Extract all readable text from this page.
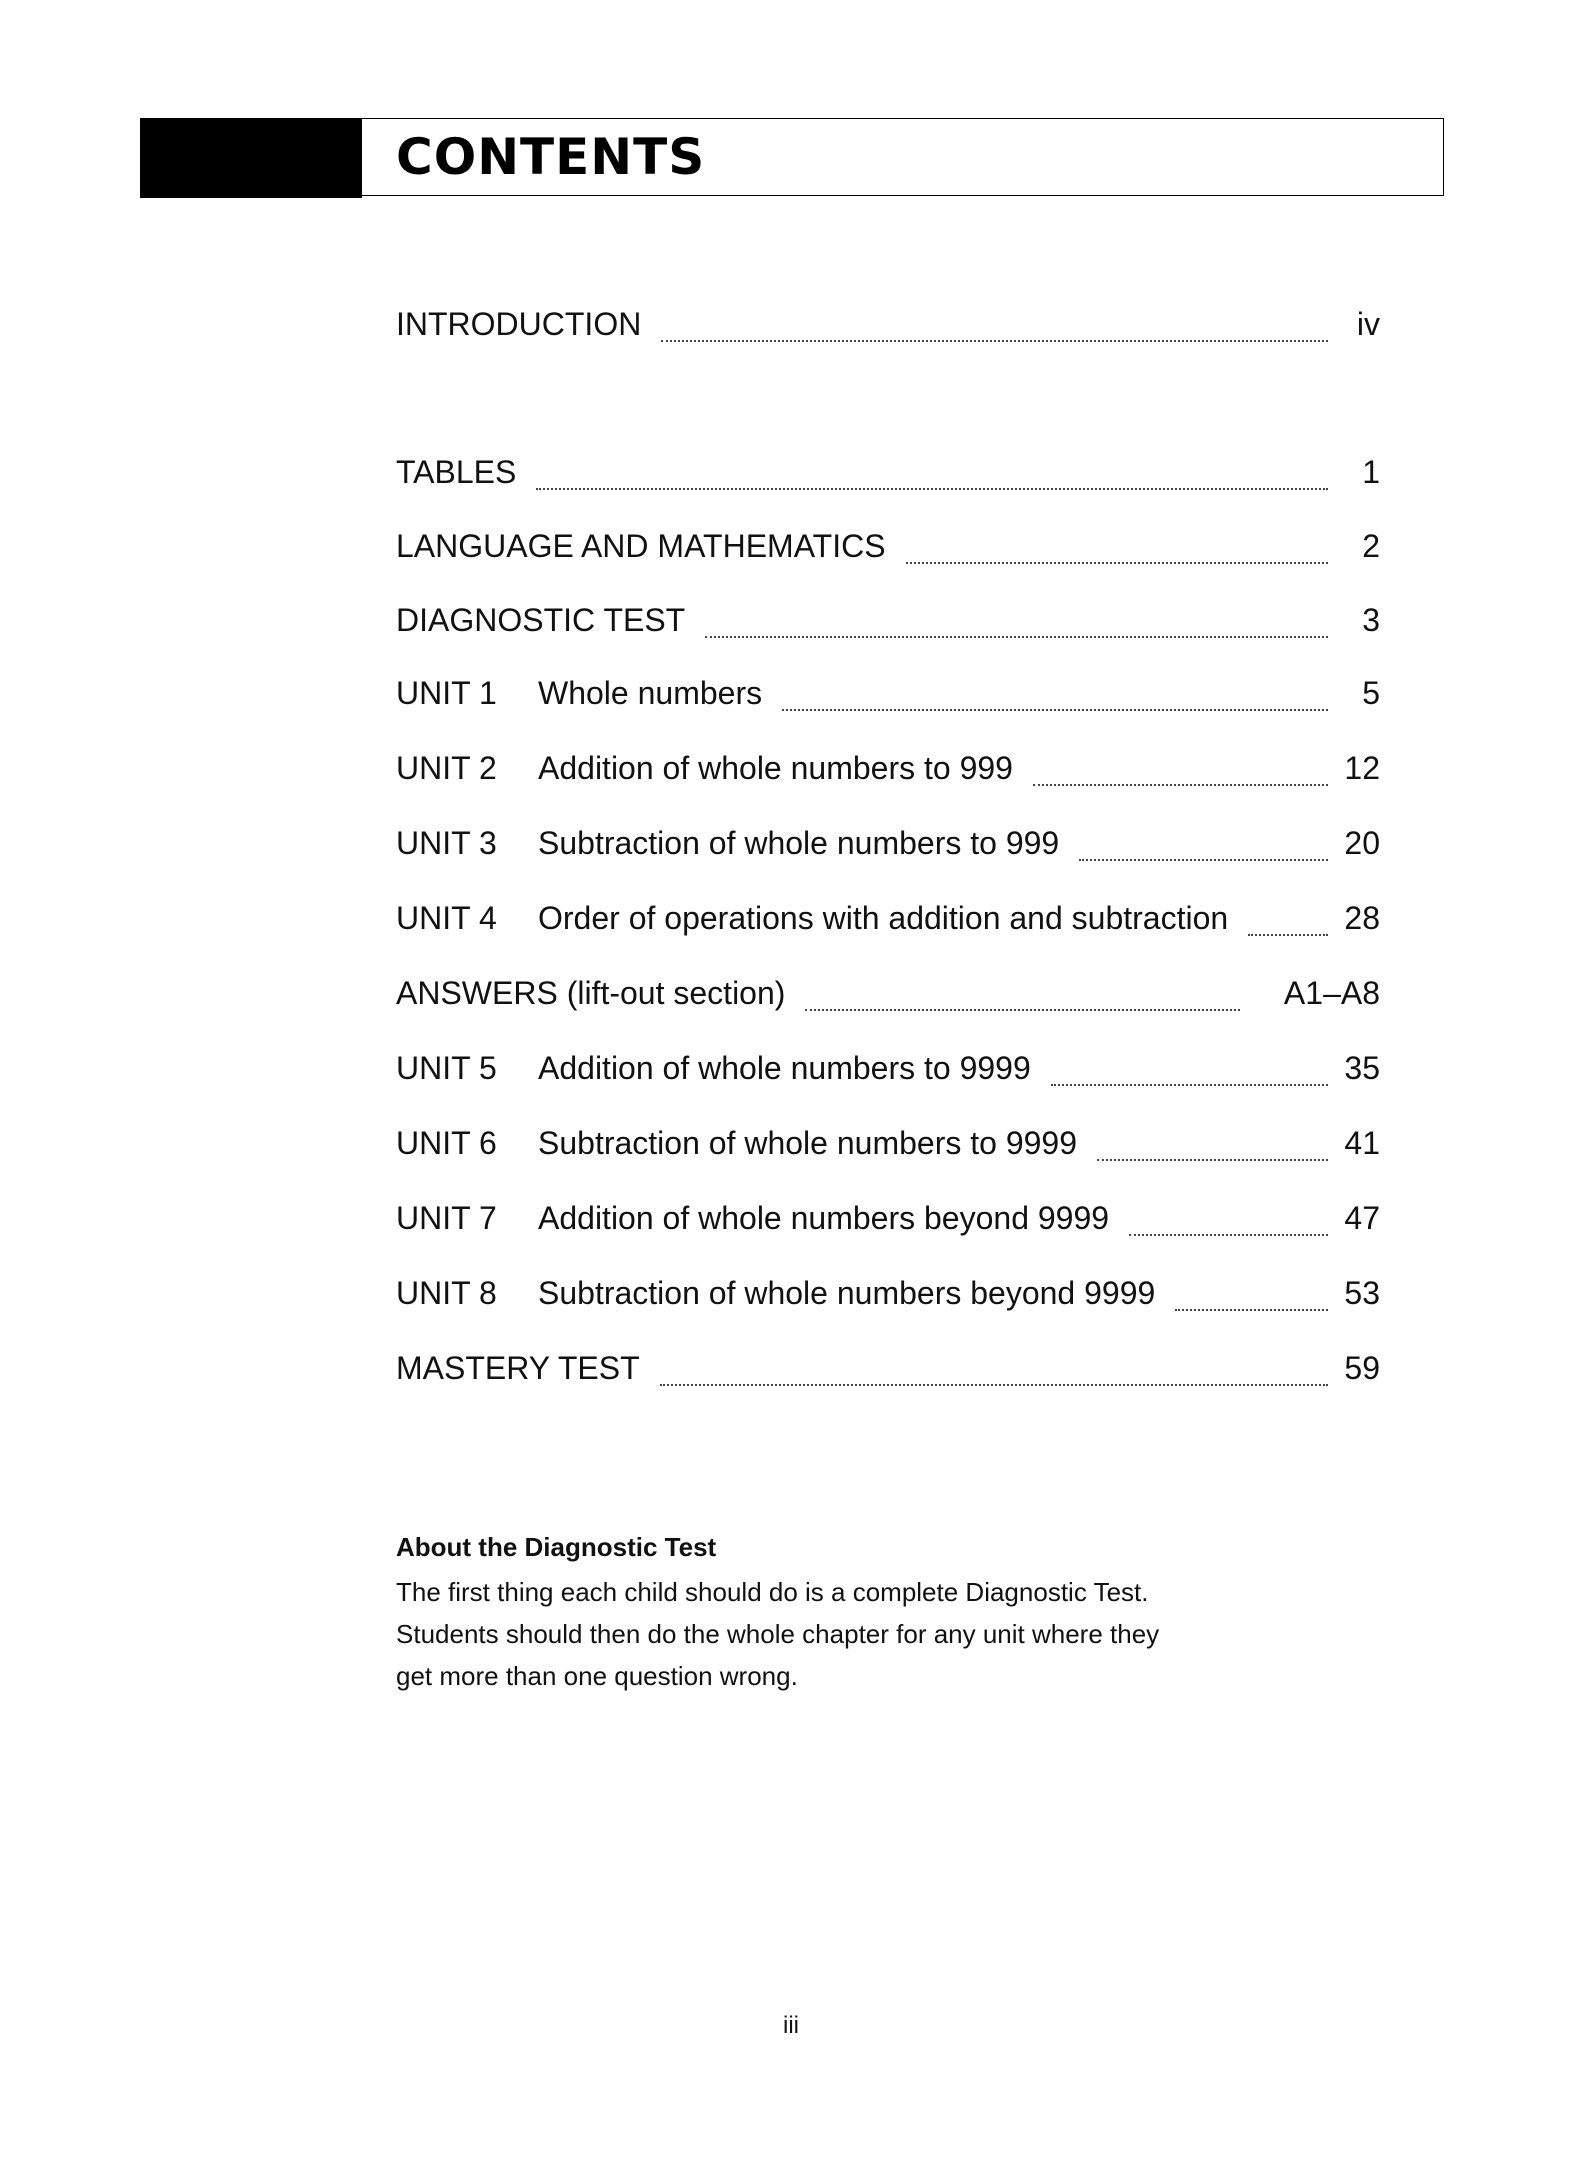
CONTENTS
INTRODUCTION	iv
TABLES	1
LANGUAGE AND MATHEMATICS	2
DIAGNOSTIC TEST	3
UNIT 1	Whole numbers	5
UNIT 2	Addition of whole numbers to 999	12
UNIT 3	Subtraction of whole numbers to 999	20
UNIT 4	Order of operations with addition and subtraction	28
ANSWERS (lift-out section)	A1–A8
UNIT 5	Addition of whole numbers to 9999	35
UNIT 6	Subtraction of whole numbers to 9999	41
UNIT 7	Addition of whole numbers beyond 9999	47
UNIT 8	Subtraction of whole numbers beyond 9999	53
MASTERY TEST	59
About the Diagnostic Test
The first thing each child should do is a complete Diagnostic Test.
Students should then do the whole chapter for any unit where they
get more than one question wrong.
iii
